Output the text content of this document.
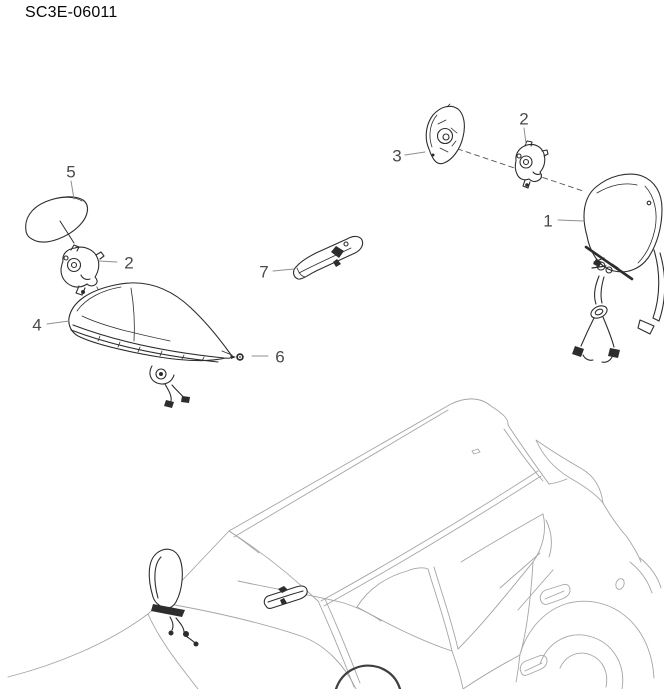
SC3E-06011
5
2
4
6
7
3
2
1
